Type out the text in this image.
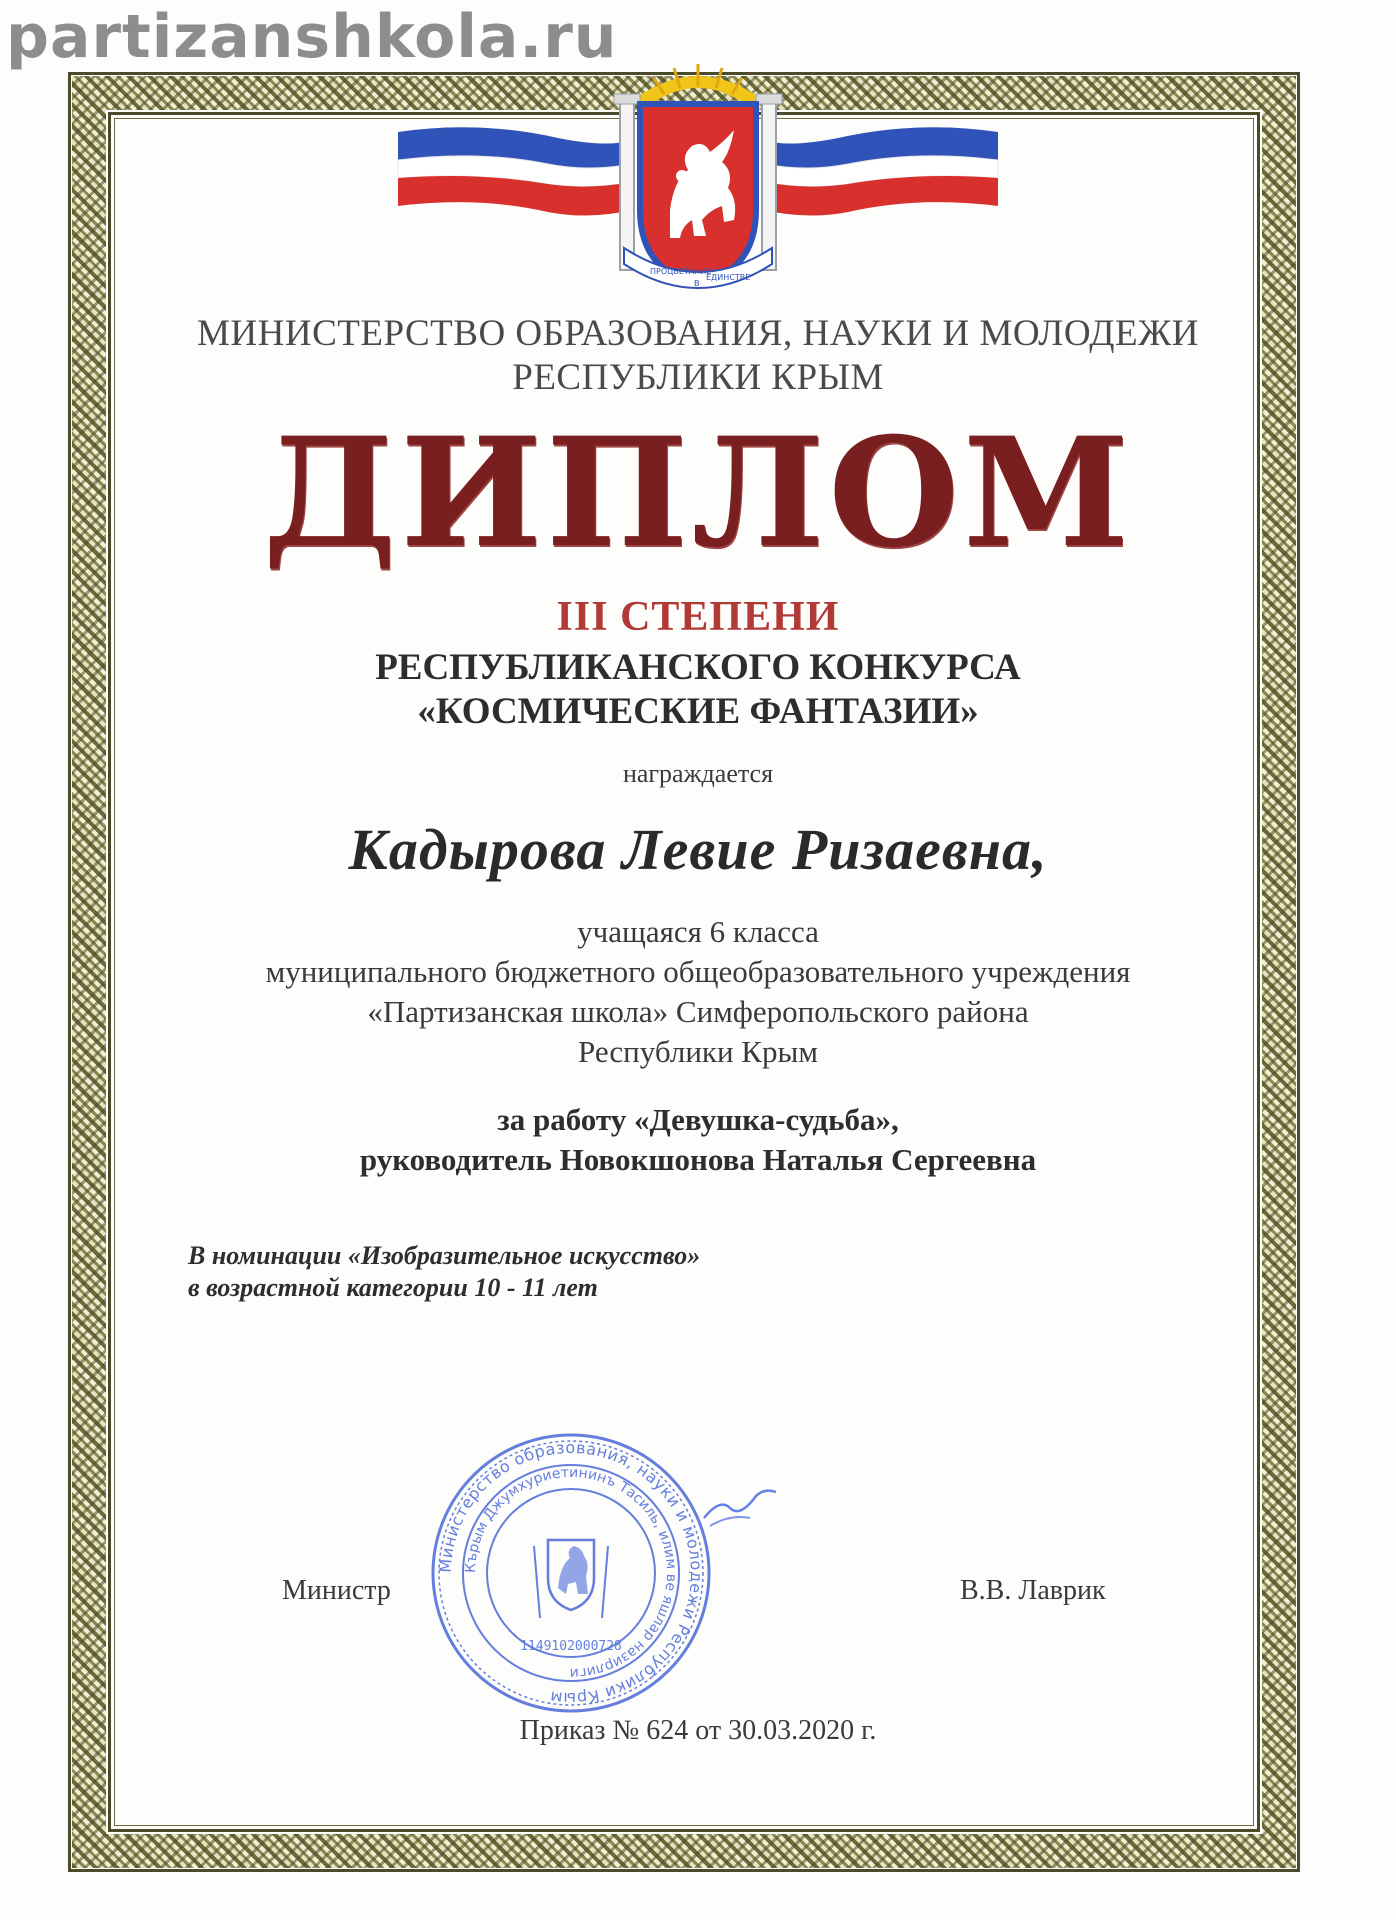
partizanshkola.ru
ПРОЦВЕТАНИЕ
В
ЕДИНСТВЕ
МИНИСТЕРСТВО ОБРАЗОВАНИЯ, НАУКИ И МОЛОДЕЖИ
РЕСПУБЛИКИ КРЫМ
ДИПЛОМ
III СТЕПЕНИ
РЕСПУБЛИКАНСКОГО КОНКУРСА
«КОСМИЧЕСКИЕ ФАНТАЗИИ»
награждается
Кадырова Левие Ризаевна,
учащаяся 6 класса
муниципального бюджетного общеобразовательного учреждения
«Партизанская школа» Симферопольского района
Республики Крым
за работу «Девушка-судьба»,
руководитель Новокшонова Наталья Сергеевна
В номинации «Изобразительное искусство»
в возрастной категории 10 - 11 лет
Министр	В.В. Лаврик
Министерство образования, науки и молодежи Республики Крым
Кърым Джумхуриетининъ Тасиль, илим ве яшлар назирлиги
1149102000728
Приказ № 624 от 30.03.2020 г.
